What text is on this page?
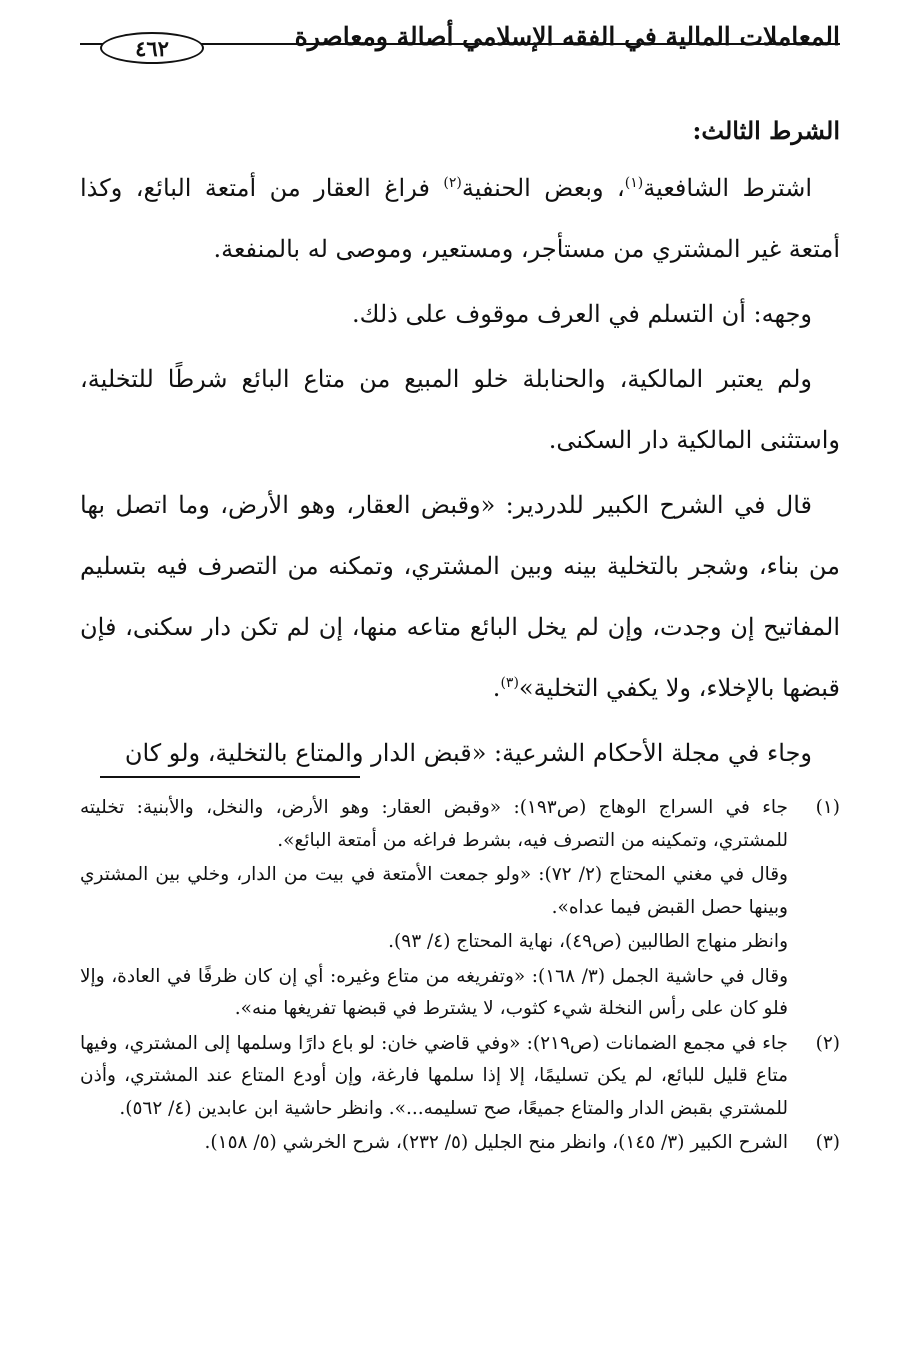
المعاملات المالية في الفقه الإسلامي أصالة ومعاصرة
٤٦٢

الشرط الثالث:

اشترط الشافعية$^{(١)}$، وبعض الحنفية$^{(٢)}$ فراغ العقار من أمتعة البائع، وكذا أمتعة غير المشتري من مستأجر، ومستعير، وموصى له بالمنفعة.

وجهه: أن التسلم في العرف موقوف على ذلك.

ولم يعتبر المالكية، والحنابلة خلو المبيع من متاع البائع شرطًا للتخلية، واستثنى المالكية دار السكنى.

قال في الشرح الكبير للدردير: «وقبض العقار، وهو الأرض، وما اتصل بها من بناء، وشجر بالتخلية بينه وبين المشتري، وتمكنه من التصرف فيه بتسليم المفاتيح إن وجدت، وإن لم يخل البائع متاعه منها، إن لم تكن دار سكنى، فإن قبضها بالإخلاء، ولا يكفي التخلية»$^{(٣)}$.

وجاء في مجلة الأحكام الشرعية: «قبض الدار والمتاع بالتخلية، ولو كان

(١)

جاء في السراج الوهاج (ص١٩٣): «وقبض العقار: وهو الأرض، والنخل، والأبنية: تخليته للمشتري، وتمكينه من التصرف فيه، بشرط فراغه من أمتعة البائع».

وقال في مغني المحتاج (٢/ ٧٢): «ولو جمعت الأمتعة في بيت من الدار، وخلي بين المشتري وبينها حصل القبض فيما عداه».

وانظر منهاج الطالبين (ص٤٩)، نهاية المحتاج (٤/ ٩٣).

وقال في حاشية الجمل (٣/ ١٦٨): «وتفريغه من متاع وغيره: أي إن كان ظرفًا في العادة، وإلا فلو كان على رأس النخلة شيء كثوب، لا يشترط في قبضها تفريغها منه».

(٢)

جاء في مجمع الضمانات (ص٢١٩): «وفي قاضي خان: لو باع دارًا وسلمها إلى المشتري، وفيها متاع قليل للبائع، لم يكن تسليمًا، إلا إذا سلمها فارغة، وإن أودع المتاع عند المشتري، وأذن للمشتري بقبض الدار والمتاع جميعًا، صح تسليمه...». وانظر حاشية ابن عابدين (٤/ ٥٦٢).

(٣)

الشرح الكبير (٣/ ١٤٥)، وانظر منح الجليل (٥/ ٢٣٢)، شرح الخرشي (٥/ ١٥٨).
